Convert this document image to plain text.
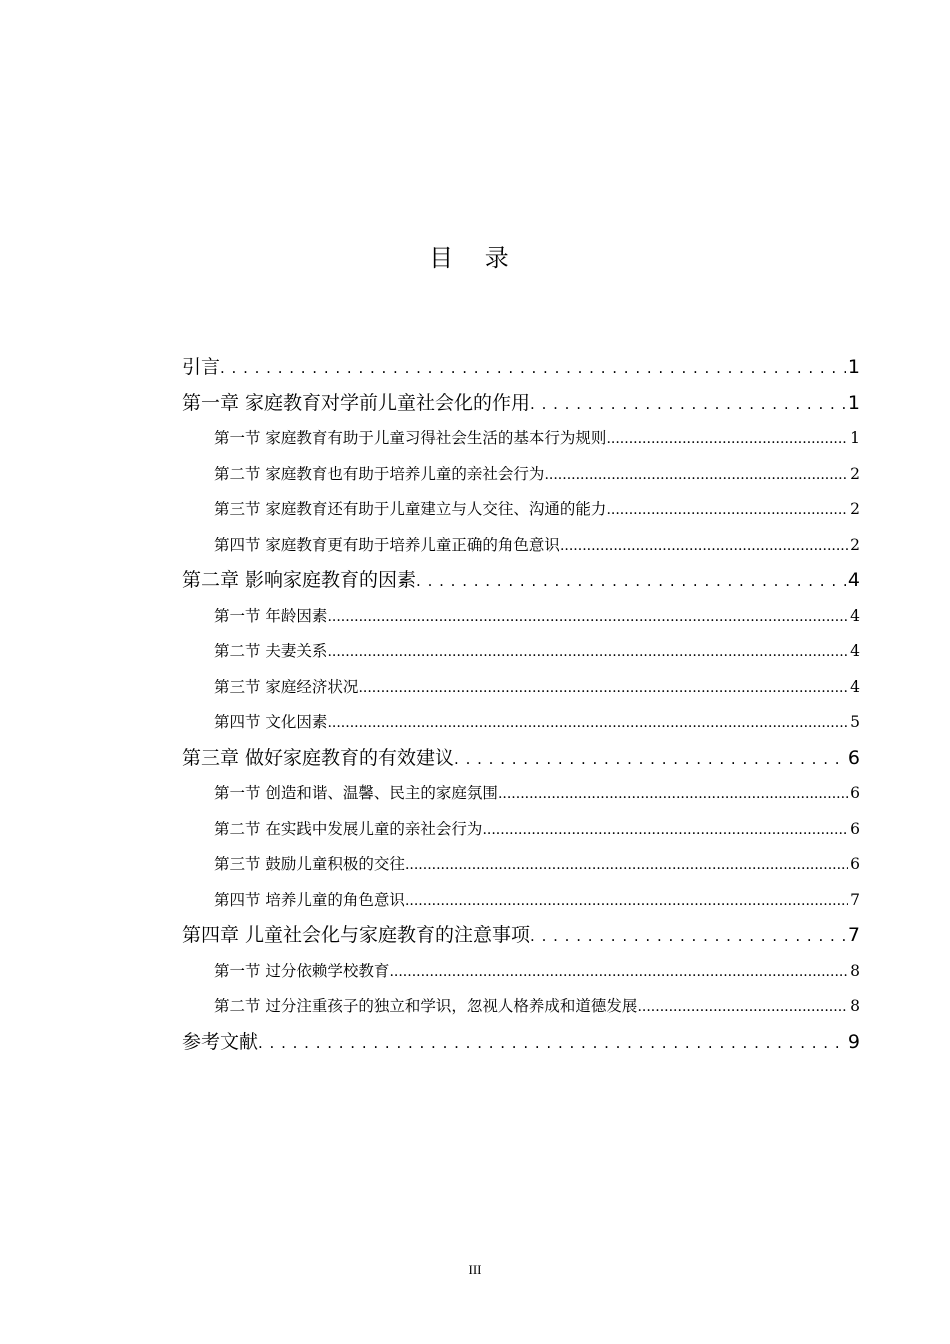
目 录
引言 . . .	1
第一章 家庭教育对学前儿童社会化的作用 . . .	1
第一节 家庭教育有助于儿童习得社会生活的基本行为规则 .....	1
第二节 家庭教育也有助于培养儿童的亲社会行为 .....	2
第三节 家庭教育还有助于儿童建立与人交往、沟通的能力 .....	2
第四节 家庭教育更有助于培养儿童正确的角色意识 .....	2
第二章 影响家庭教育的因素 . . .	4
第一节 年龄因素 .....	4
第二节 夫妻关系 .....	4
第三节 家庭经济状况 .....	4
第四节 文化因素 .....	5
第三章 做好家庭教育的有效建议 . . .	6
第一节 创造和谐、温馨、民主的家庭氛围 .....	6
第二节 在实践中发展儿童的亲社会行为 .....	6
第三节 鼓励儿童积极的交往 .....	6
第四节 培养儿童的角色意识 .....	7
第四章 儿童社会化与家庭教育的注意事项 . . .	7
第一节 过分依赖学校教育 .....	8
第二节 过分注重孩子的独立和学识，忽视人格养成和道德发展 .....	8
参考文献 . . .	9
III
